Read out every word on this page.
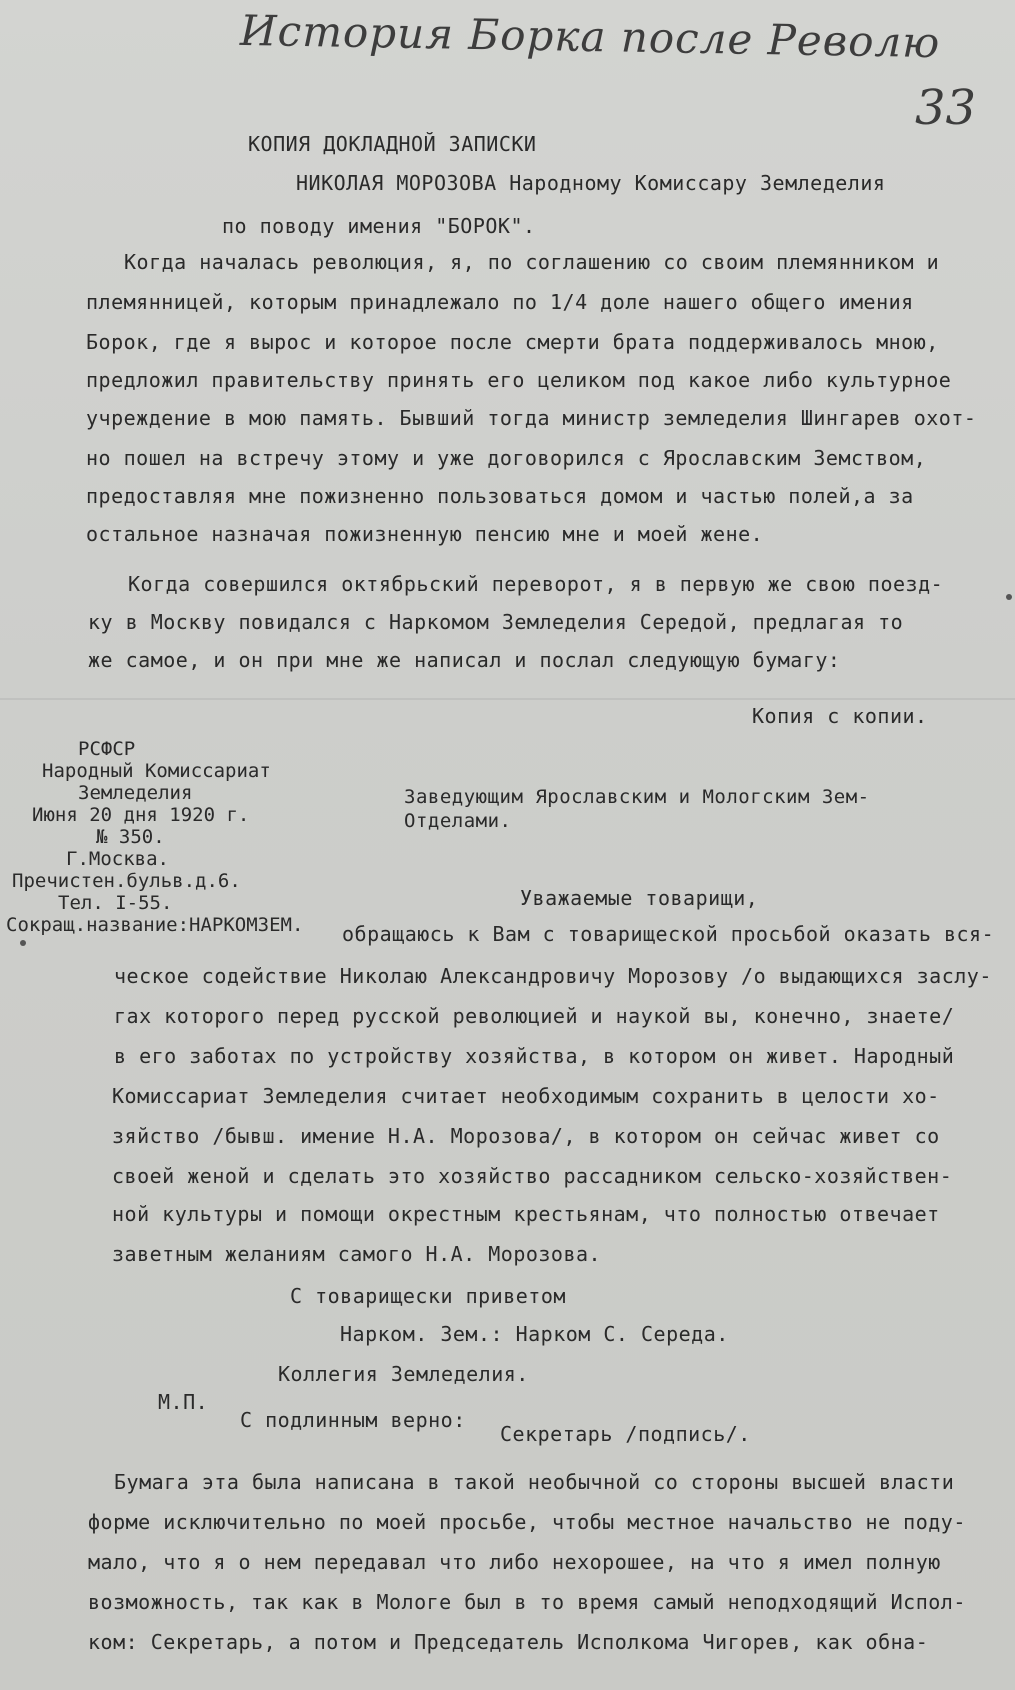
История Борка после Револю
33
КОПИЯ ДОКЛАДНОЙ ЗАПИСКИ
НИКОЛАЯ МОРОЗОВА Народному Комиссару Земледелия
по поводу имения "БОРОК".
Когда началась революция, я, по соглашению со своим племянником и
племянницей, которым принадлежало по 1/4 доле нашего общего имения
Борок, где я вырос и которое после смерти брата поддерживалось мною,
предложил правительству принять его целиком под какое либо культурное
учреждение в мою память. Бывший тогда министр земледелия Шингарев охот-
но пошел на встречу этому и уже договорился с Ярославским Земством,
предоставляя мне пожизненно пользоваться домом и частью полей,а за
остальное назначая пожизненную пенсию мне и моей жене.
Когда совершился октябрьский переворот, я в первую же свою поезд-
ку в Москву повидался с Наркомом Земледелия Середой, предлагая то
же самое, и он при мне же написал и послал следующую бумагу:
Копия с копии.
РСФСР
Народный Комиссариат
Земледелия
Июня 20 дня 1920 г.
№ 350.
Г.Москва.
Пречистен.бульв.д.6.
Тел. I-55.
Сокращ.название:НАРКОМЗЕМ.
Заведующим Ярославским и Мологским Зем-
Отделами.
Уважаемые товарищи,
обращаюсь к Вам с товарищеской просьбой оказать вся-
ческое содействие Николаю Александровичу Морозову /о выдающихся заслу-
гах которого перед русской революцией и наукой вы, конечно, знаете/
в его заботах по устройству хозяйства, в котором он живет. Народный
Комиссариат Земледелия считает необходимым сохранить в целости хо-
зяйство /бывш. имение Н.А. Морозова/, в котором он сейчас живет со
своей женой и сделать это хозяйство рассадником сельско-хозяйствен-
ной культуры и помощи окрестным крестьянам, что полностью отвечает
заветным желаниям самого Н.А. Морозова.
С товарищески приветом
Нарком. Зем.: Нарком С. Середа.
Коллегия Земледелия.
М.П.
С подлинным верно:
Секретарь /подпись/.
Бумага эта была написана в такой необычной со стороны высшей власти
форме исключительно по моей просьбе, чтобы местное начальство не поду-
мало, что я о нем передавал что либо нехорошее, на что я имел полную
возможность, так как в Мологе был в то время самый неподходящий Испол-
ком: Секретарь, а потом и Председатель Исполкома Чигорев, как обна-
